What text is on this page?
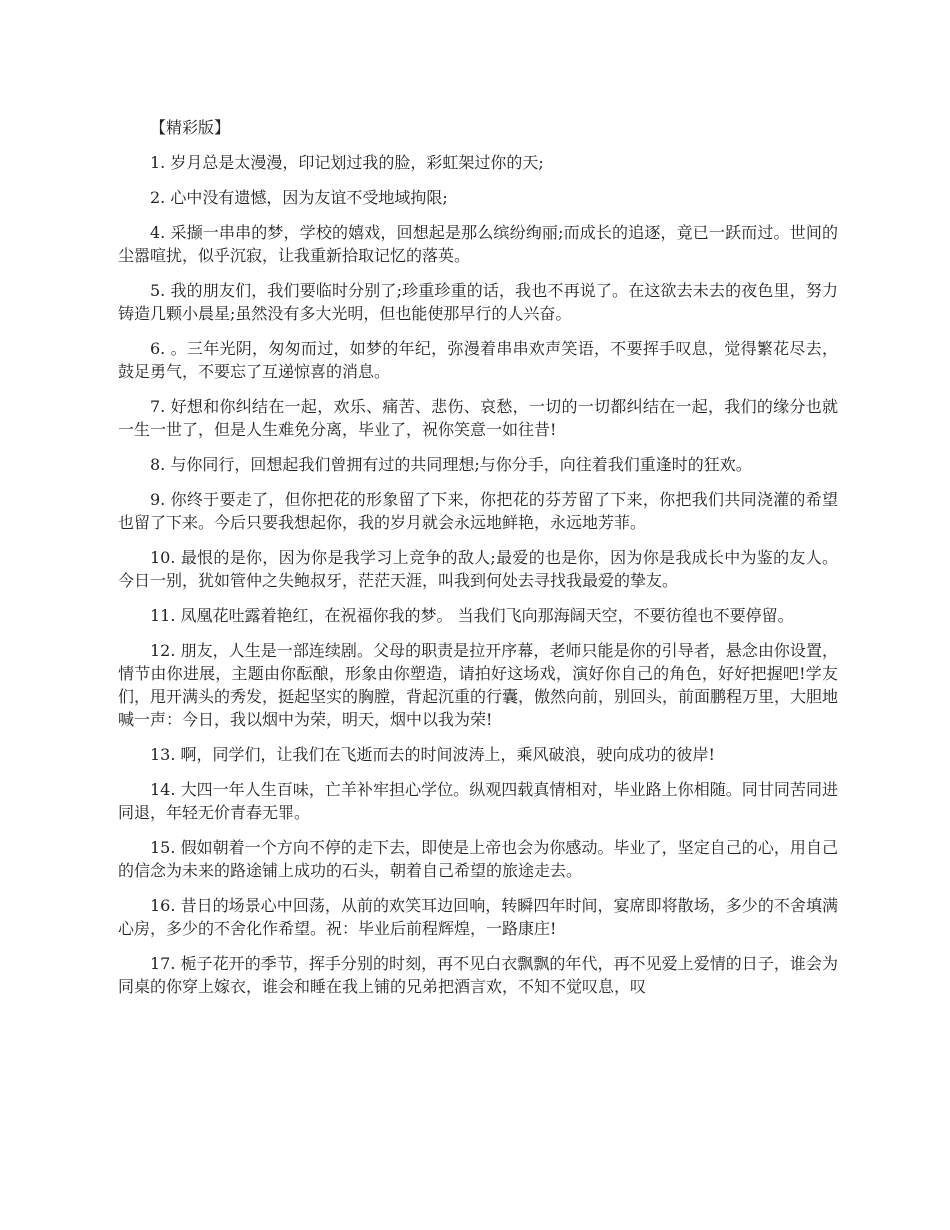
【精彩版】

1. 岁月总是太漫漫，印记划过我的脸，彩虹架过你的天;

2. 心中没有遗憾，因为友谊不受地域拘限;

4. 采撷一串串的梦，学校的嬉戏，回想起是那么缤纷绚丽;而成长的追逐，竟已一跃而过。世间的尘嚣喧扰，似乎沉寂，让我重新拾取记忆的落英。

5. 我的朋友们，我们要临时分别了;珍重珍重的话，我也不再说了。在这欲去未去的夜色里，努力铸造几颗小晨星;虽然没有多大光明，但也能使那早行的人兴奋。

6. 。三年光阴，匆匆而过，如梦的年纪，弥漫着串串欢声笑语，不要挥手叹息，觉得繁花尽去，鼓足勇气，不要忘了互递惊喜的消息。

7. 好想和你纠结在一起，欢乐、痛苦、悲伤、哀愁，一切的一切都纠结在一起，我们的缘分也就一生一世了，但是人生难免分离，毕业了，祝你笑意一如往昔!

8. 与你同行，回想起我们曾拥有过的共同理想;与你分手，向往着我们重逢时的狂欢。

9. 你终于要走了，但你把花的形象留了下来，你把花的芬芳留了下来，你把我们共同浇灌的希望也留了下来。今后只要我想起你，我的岁月就会永远地鲜艳，永远地芳菲。

10. 最恨的是你，因为你是我学习上竞争的敌人;最爱的也是你，因为你是我成长中为鉴的友人。今日一别，犹如管仲之失鲍叔牙，茫茫天涯，叫我到何处去寻找我最爱的挚友。

11. 凤凰花吐露着艳红，在祝福你我的梦。 当我们飞向那海阔天空，不要彷徨也不要停留。

12. 朋友，人生是一部连续剧。父母的职责是拉开序幕，老师只能是你的引导者，悬念由你设置，情节由你进展，主题由你酝酿，形象由你塑造，请拍好这场戏，演好你自己的角色，好好把握吧!学友们，甩开满头的秀发，挺起坚实的胸膛，背起沉重的行囊，傲然向前，别回头，前面鹏程万里，大胆地喊一声：今日，我以烟中为荣，明天，烟中以我为荣!

13. 啊，同学们，让我们在飞逝而去的时间波涛上，乘风破浪，驶向成功的彼岸!

14. 大四一年人生百味，亡羊补牢担心学位。纵观四载真情相对，毕业路上你相随。同甘同苦同进同退，年轻无价青春无罪。

15. 假如朝着一个方向不停的走下去，即使是上帝也会为你感动。毕业了，坚定自己的心，用自己的信念为未来的路途铺上成功的石头，朝着自己希望的旅途走去。

16. 昔日的场景心中回荡，从前的欢笑耳边回响，转瞬四年时间，宴席即将散场，多少的不舍填满心房，多少的不舍化作希望。祝：毕业后前程辉煌，一路康庄!

17. 栀子花开的季节，挥手分别的时刻，再不见白衣飘飘的年代，再不见爱上爱情的日子，谁会为同桌的你穿上嫁衣，谁会和睡在我上铺的兄弟把酒言欢，不知不觉叹息，叹
